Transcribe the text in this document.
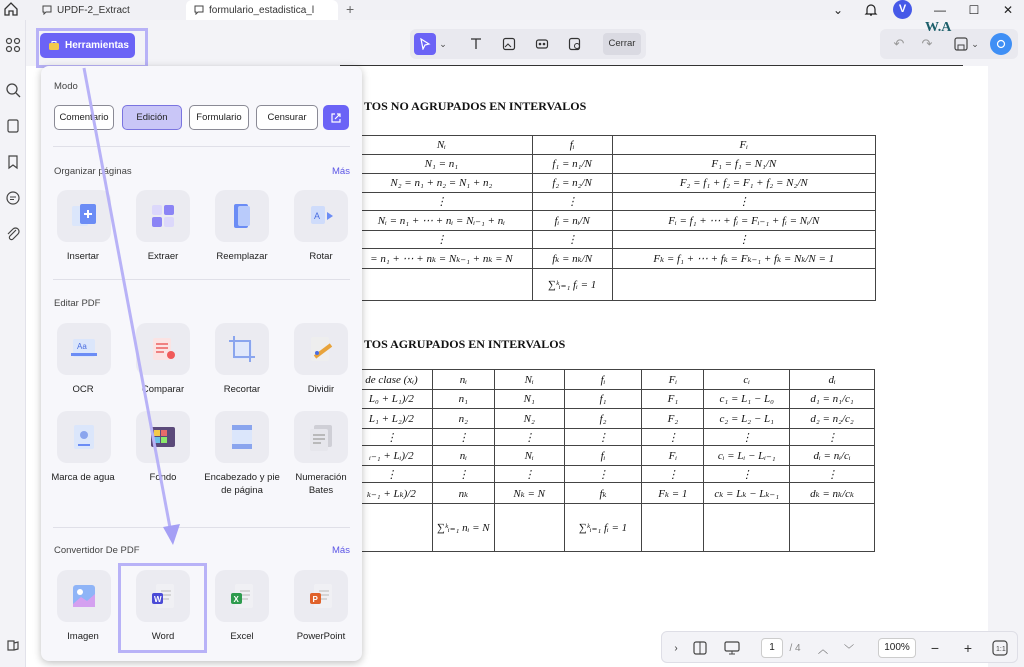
UPDF-2_Extract	formulario_estadistica_l +	⌄	V	— ☐ ✕
⌄	Cerrar	↶	↷	⌄
W.A
TOS NO AGRUPADOS EN INTERVALOS
TOS AGRUPADOS EN INTERVALOS
Nᵢ	fᵢ	Fᵢ
N₁ = n₁	f₁ = n₁/N	F₁ = f₁ = N₁/N
N₂ = n₁ + n₂ = N₁ + n₂	f₂ = n₂/N	F₂ = f₁ + f₂ = F₁ + f₂ = N₂/N
⋮	⋮	⋮
Nᵢ = n₁ + ⋯ + nᵢ = Nᵢ₋₁ + nᵢ	fᵢ = nᵢ/N	Fᵢ = f₁ + ⋯ + fᵢ = Fᵢ₋₁ + fᵢ = Nᵢ/N
⋮	⋮	⋮
= n₁ + ⋯ + nₖ = Nₖ₋₁ + nₖ = N	fₖ = nₖ/N	Fₖ = f₁ + ⋯ + fₖ = Fₖ₋₁ + fₖ = Nₖ/N = 1
	∑ᵏᵢ₌₁ fᵢ = 1	
de clase (xᵢ)	nᵢ	Nᵢ	fᵢ	Fᵢ	cᵢ	dᵢ
L₀ + L₁)/2	n₁	N₁	f₁	F₁	c₁ = L₁ − L₀	d₁ = n₁/c₁
L₁ + L₂)/2	n₂	N₂	f₂	F₂	c₂ = L₂ − L₁	d₂ = n₂/c₂
⋮	⋮	⋮	⋮	⋮	⋮	⋮
ᵢ₋₁ + Lᵢ)/2	nᵢ	Nᵢ	fᵢ	Fᵢ	cᵢ = Lᵢ − Lᵢ₋₁	dᵢ = nᵢ/cᵢ
⋮	⋮	⋮	⋮	⋮	⋮	⋮
ₖ₋₁ + Lₖ)/2	nₖ	Nₖ = N	fₖ	Fₖ = 1	cₖ = Lₖ − Lₖ₋₁	dₖ = nₖ/cₖ
	∑ᵏᵢ₌₁ nᵢ = N		∑ᵏᵢ₌₁ fᵢ = 1			
Herramientas
Modo
Comentario	Edición	Formulario	Censurar
Organizar páginas	Más
Insertar	Extraer	Reemplazar
A
Rotar
Editar PDF
Aa
OCR	Comparar	Recortar	Dividir
Marca de agua	Fondo	Encabezado y pie de página
Numeración Bates
Convertidor De PDF	Más
Imagen
W
Word
X
Excel
P
PowerPoint
›	1	/ 4	︿	﹀	100%	−	+	1:1
